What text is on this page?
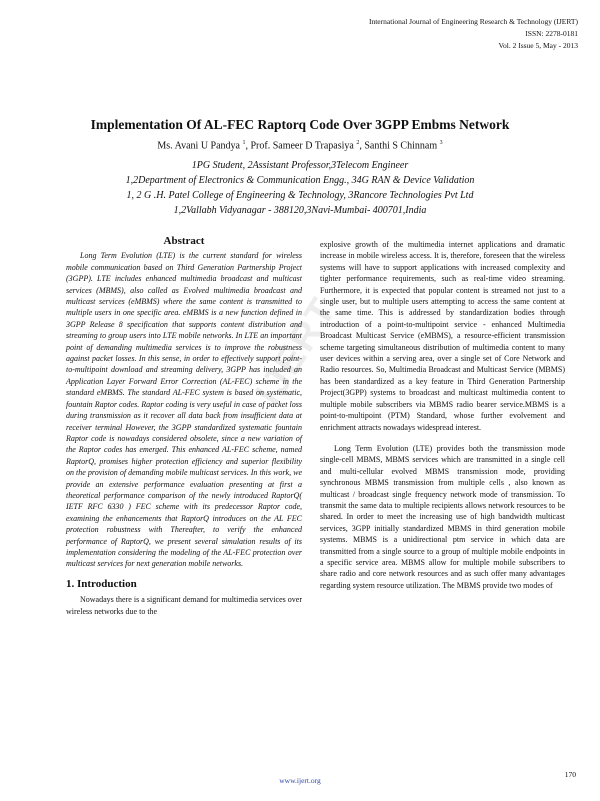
International Journal of Engineering Research & Technology (IJERT)
ISSN: 2278-0181
Vol. 2 Issue 5, May - 2013
Implementation Of AL-FEC Raptorq Code Over 3GPP Embms Network
Ms. Avani U Pandya $^1$, Prof. Sameer D Trapasiya $^2$, Santhi S Chinnam $^3$
1PG Student, 2Assistant Professor,3Telecom Engineer
1,2Department of Electronics & Communication Engg., 34G RAN & Device Validation
1, 2 G .H. Patel College of Engineering & Technology, 3Rancore Technologies Pvt Ltd
1,2Vallabh Vidyanagar - 388120,3Navi-Mumbai- 400701,India
IJERT
Abstract

Long Term Evolution (LTE) is the current standard for wireless mobile communication based on Third Generation Partnership Project (3GPP). LTE includes enhanced multimedia broadcast and multicast services (MBMS), also called as Evolved multimedia broadcast and multicast services (eMBMS) where the same content is transmitted to multiple users in one specific area. eMBMS is a new function defined in 3GPP Release 8 specification that supports content distribution and streaming to group users into LTE mobile networks. In LTE an important point of demanding multimedia services is to improve the robustness against packet losses. In this sense, in order to effectively support point-to-multipoint download and streaming delivery, 3GPP has included an Application Layer Forward Error Correction (AL-FEC) scheme in the standard eMBMS. The standard AL-FEC system is based on systematic, fountain Raptor codes. Raptor coding is very useful in case of packet loss during transmission as it recover all data back from insufficient data at receiver terminal However, the 3GPP standardized systematic fountain Raptor code is nowadays considered obsolete, since a new variation of the Raptor codes has emerged. This enhanced AL-FEC scheme, named RaptorQ, promises higher protection efficiency and superior flexibility on the provision of demanding mobile multicast services. In this work, we provide an extensive performance evaluation presenting at first a theoretical performance comparison of the newly introduced RaptorQ( IETF RFC 6330 ) FEC scheme with its predecessor Raptor code, examining the enhancements that RaptorQ introduces on the AL FEC protection robustness with Thereafter, to verify the enhanced performance of RaptorQ, we present several simulation results of its implementation considering the modeling of the AL-FEC protection over multicast services for next generation mobile networks.

1. Introduction

Nowadays there is a significant demand for multimedia services over wireless networks due to the

explosive growth of the multimedia internet applications and dramatic increase in mobile wireless access. It is, therefore, foreseen that the wireless systems will have to support applications with increased complexity and tighter performance requirements, such as real-time video streaming. Furthermore, it is expected that popular content is streamed not just to a single user, but to multiple users attempting to access the same content at the same time. This is addressed by standardization bodies through introduction of a point-to-multipoint service - enhanced Multimedia Broadcast Multicast Service (eMBMS), a resource-efficient transmission scheme targeting simultaneous distribution of multimedia content to many user devices within a serving area, over a single set of Core Network and Radio resources. So, Multimedia Broadcast and Multicast Service (MBMS) has been standardized as a key feature in Third Generation Partnership Project(3GPP) systems to broadcast and multicast multimedia content to multiple mobile subscribers via MBMS radio bearer service.MBMS is a point-to-multipoint (PTM) Standard, whose further evolvement and enrichment attracts nowadays widespread interest.

Long Term Evolution (LTE) provides both the transmission mode single-cell MBMS, MBMS services which are transmitted in a single cell and multi-cellular evolved MBMS transmission mode, providing synchronous MBMS transmission from multiple cells , also known as multicast / broadcast single frequency network mode of transmission. To transmit the same data to multiple recipients allows network resources to be shared. In order to meet the increasing use of high bandwidth multicast services, 3GPP initially standardized MBMS in third generation mobile systems. MBMS is a unidirectional ptm service in which data are transmitted from a single source to a group of multiple mobile endpoints in a specific service area. MBMS allow for multiple mobile subscribers to share radio and core network resources and as such offer many advantages regarding system resource utilization. The MBMS provide two modes of

www.ijert.org
170
